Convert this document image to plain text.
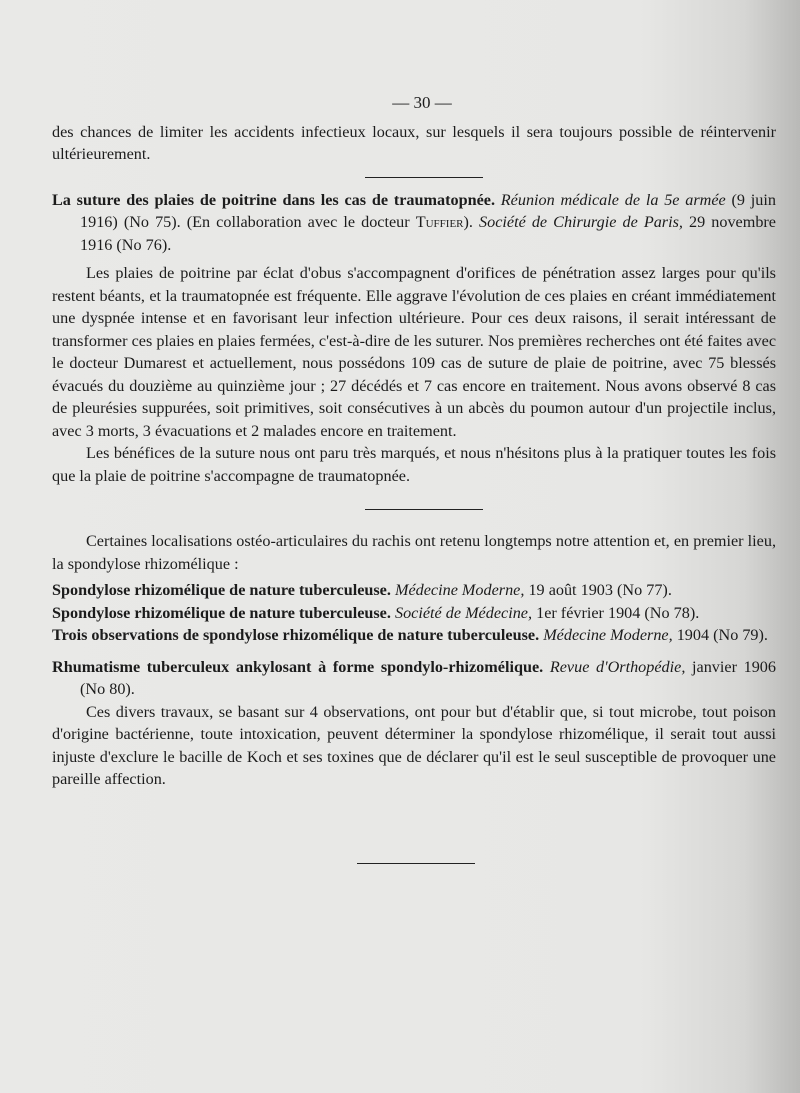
— 30 —

des chances de limiter les accidents infectieux locaux, sur lesquels il sera toujours possible de réintervenir ultérieurement.

La suture des plaies de poitrine dans les cas de traumatopnée. Réunion médicale de la 5e armée (9 juin 1916) (No 75). (En collaboration avec le docteur Tuffier). Société de Chirurgie de Paris, 29 novembre 1916 (No 76).

Les plaies de poitrine par éclat d'obus s'accompagnent d'orifices de pénétration assez larges pour qu'ils restent béants, et la traumatopnée est fréquente. Elle aggrave l'évolution de ces plaies en créant immédiatement une dyspnée intense et en favorisant leur infection ultérieure. Pour ces deux raisons, il serait intéressant de transformer ces plaies en plaies fermées, c'est-à-dire de les suturer. Nos premières recherches ont été faites avec le docteur Dumarest et actuellement, nous possédons 109 cas de suture de plaie de poitrine, avec 75 blessés évacués du douzième au quinzième jour ; 27 décédés et 7 cas encore en traitement. Nous avons observé 8 cas de pleurésies suppurées, soit primitives, soit consécutives à un abcès du poumon autour d'un projectile inclus, avec 3 morts, 3 évacuations et 2 malades encore en traitement.

Les bénéfices de la suture nous ont paru très marqués, et nous n'hésitons plus à la pratiquer toutes les fois que la plaie de poitrine s'accompagne de traumatopnée.

Certaines localisations ostéo-articulaires du rachis ont retenu longtemps notre attention et, en premier lieu, la spondylose rhizomélique :

Spondylose rhizomélique de nature tuberculeuse. Médecine Moderne, 19 août 1903 (No 77).

Spondylose rhizomélique de nature tuberculeuse. Société de Médecine, 1er février 1904 (No 78).

Trois observations de spondylose rhizomélique de nature tuberculeuse. Médecine Moderne, 1904 (No 79).

Rhumatisme tuberculeux ankylosant à forme spondylo-rhizomélique. Revue d'Orthopédie, janvier 1906 (No 80).

Ces divers travaux, se basant sur 4 observations, ont pour but d'établir que, si tout microbe, tout poison d'origine bactérienne, toute intoxication, peuvent déterminer la spondylose rhizomélique, il serait tout aussi injuste d'exclure le bacille de Koch et ses toxines que de déclarer qu'il est le seul susceptible de provoquer une pareille affection.
